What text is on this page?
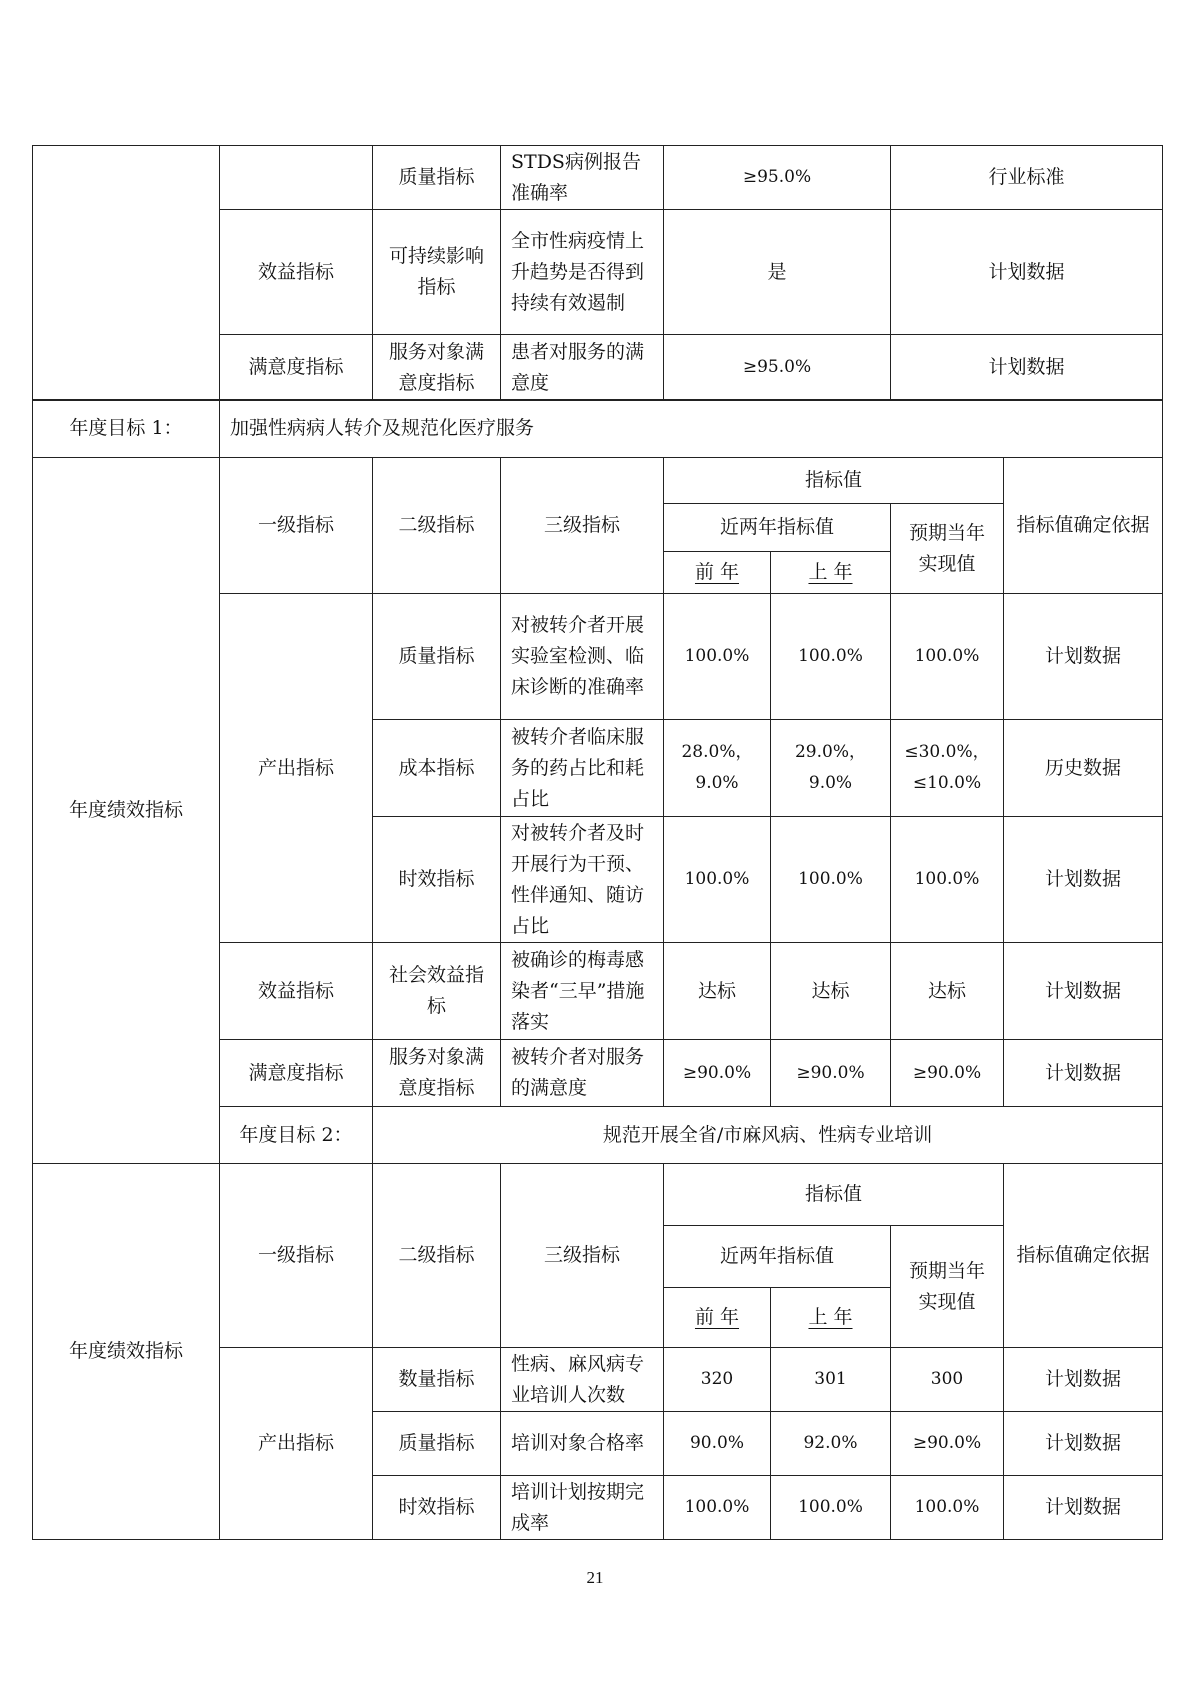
		质量指标	STDS病例报告准确率	≥95.0%	行业标准
	效益指标	可持续影响指标	全市性病疫情上升趋势是否得到持续有效遏制	是	计划数据
	满意度指标	服务对象满意度指标	患者对服务的满意度	≥95.0%	计划数据
年度目标 1：	加强性病病人转介及规范化医疗服务						
年度绩效指标	一级指标	二级指标	三级指标	指标值			指标值确定依据
				近两年指标值		预期当年实现值	
				前 年	上 年		
	产出指标	质量指标	对被转介者开展实验室检测、临床诊断的准确率	100.0%	100.0%	100.0%	计划数据
		成本指标	被转介者临床服务的药占比和耗占比	28.0%，9.0%	29.0%，9.0%	≤30.0%，≤10.0%	历史数据
		时效指标	对被转介者及时开展行为干预、性伴通知、随访占比	100.0%	100.0%	100.0%	计划数据
	效益指标	社会效益指标	被确诊的梅毒感染者“三早”措施落实	达标	达标	达标	计划数据
	满意度指标	服务对象满意度指标	被转介者对服务的满意度	≥90.0%	≥90.0%	≥90.0%	计划数据
	年度目标 2：	规范开展全省/市麻风病、性病专业培训					
年度绩效指标	一级指标	二级指标	三级指标	指标值			指标值确定依据
				近两年指标值		预期当年实现值	
				前 年	上 年		
	产出指标	数量指标	性病、麻风病专业培训人次数	320	301	300	计划数据
		质量指标	培训对象合格率	90.0%	92.0%	≥90.0%	计划数据
		时效指标	培训计划按期完成率	100.0%	100.0%	100.0%	计划数据
21
